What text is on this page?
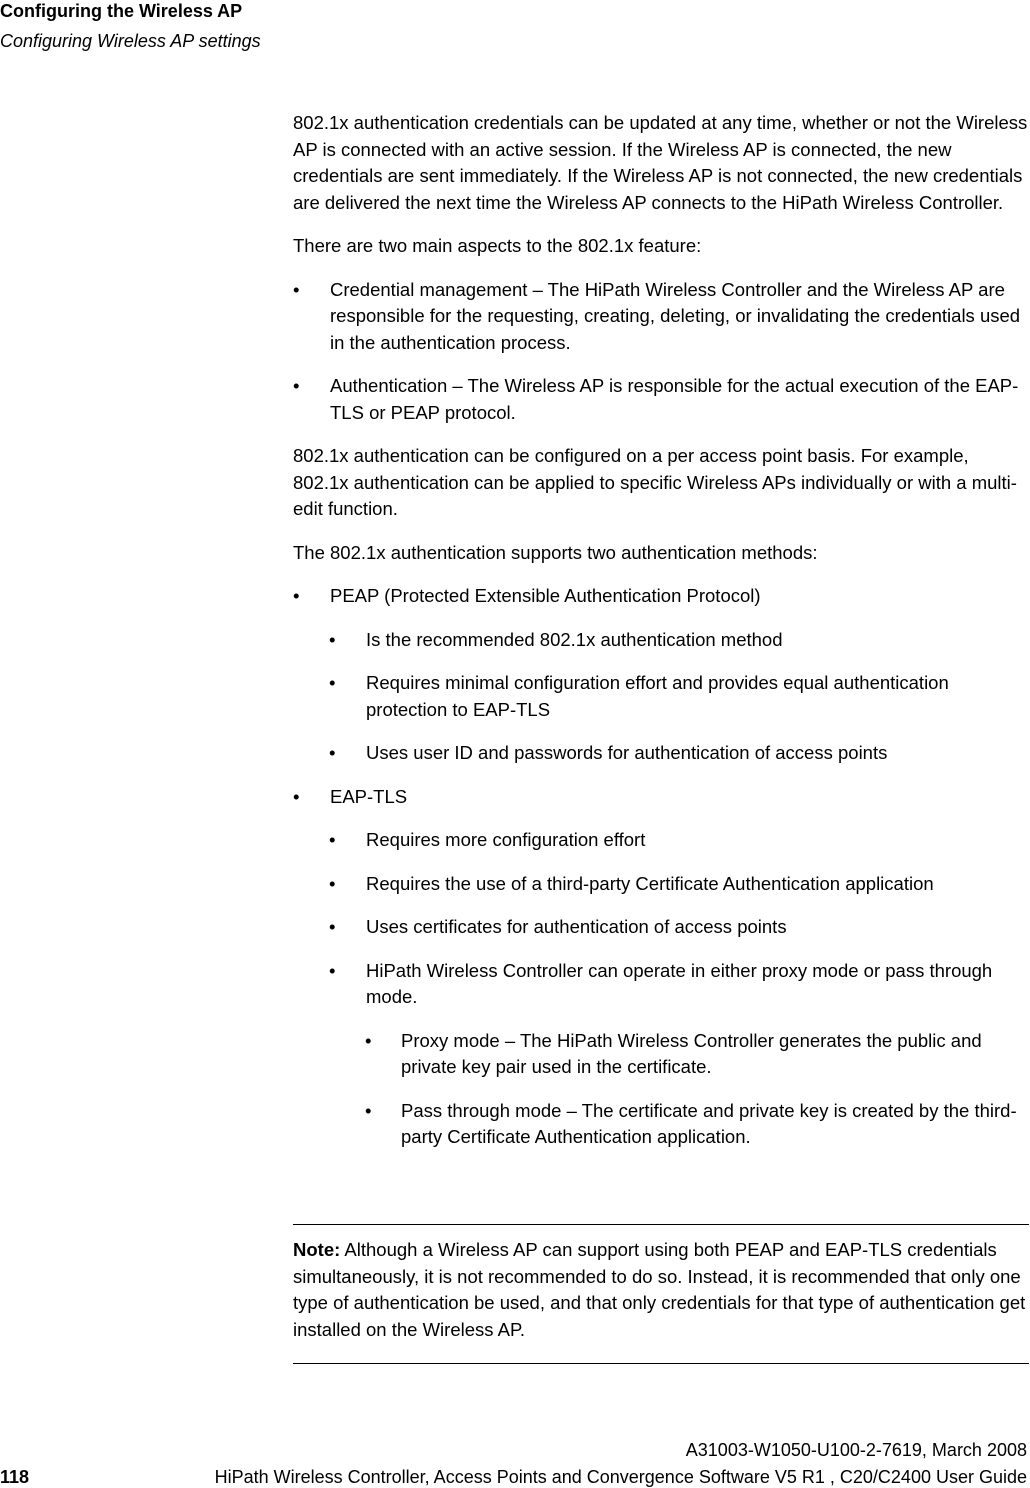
Configuring the Wireless AP
Configuring Wireless AP settings

802.1x authentication credentials can be updated at any time, whether or not the Wireless AP is connected with an active session. If the Wireless AP is connected, the new credentials are sent immediately. If the Wireless AP is not connected, the new credentials are delivered the next time the Wireless AP connects to the HiPath Wireless Controller.

There are two main aspects to the 802.1x feature:

• Credential management – The HiPath Wireless Controller and the Wireless AP are responsible for the requesting, creating, deleting, or invalidating the credentials used in the authentication process.
• Authentication – The Wireless AP is responsible for the actual execution of the EAP-TLS or PEAP protocol.

802.1x authentication can be configured on a per access point basis. For example, 802.1x authentication can be applied to specific Wireless APs individually or with a multi-edit function.

The 802.1x authentication supports two authentication methods:

• PEAP (Protected Extensible Authentication Protocol)
• Is the recommended 802.1x authentication method
• Requires minimal configuration effort and provides equal authentication protection to EAP-TLS
• Uses user ID and passwords for authentication of access points
• EAP-TLS
• Requires more configuration effort
• Requires the use of a third-party Certificate Authentication application
• Uses certificates for authentication of access points
• HiPath Wireless Controller can operate in either proxy mode or pass through mode.
• Proxy mode – The HiPath Wireless Controller generates the public and private key pair used in the certificate.
• Pass through mode – The certificate and private key is created by the third-party Certificate Authentication application.
Note: Although a Wireless AP can support using both PEAP and EAP-TLS credentials simultaneously, it is not recommended to do so. Instead, it is recommended that only one type of authentication be used, and that only credentials for that type of authentication get installed on the Wireless AP.
A31003-W1050-U100-2-7619, March 2008
118	HiPath Wireless Controller, Access Points and Convergence Software V5 R1 , C20/C2400 User Guide
